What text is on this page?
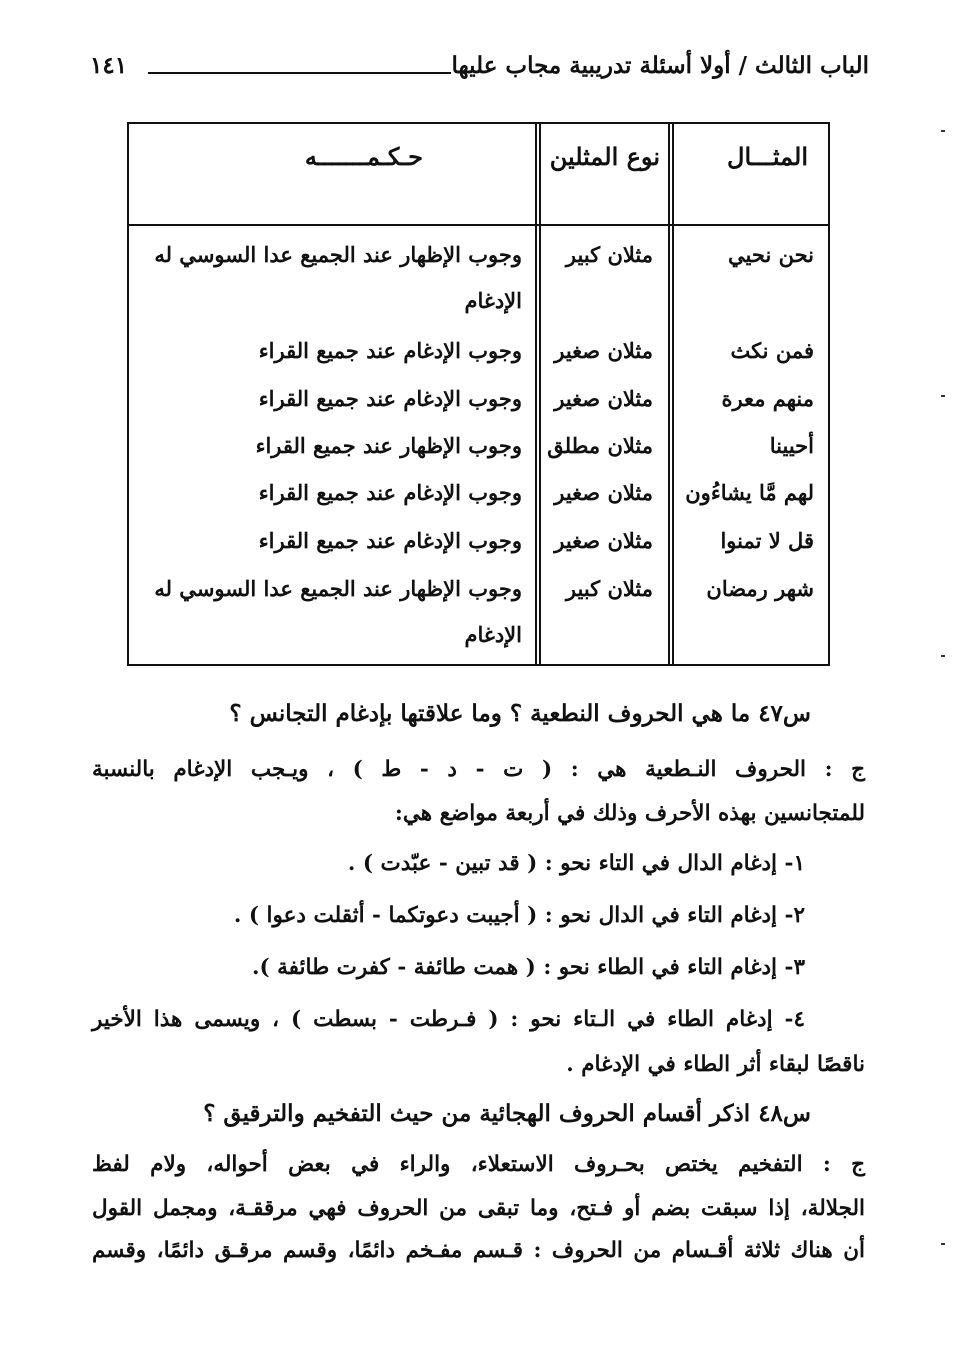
الباب الثالث / أولا أسئلة تدريبية مجاب عليها
١٤١
المثـــال
نوع المثلين
حـكـمـــــــه
نحن نحيي
مثلان كبير
وجوب الإظهار عند الجميع عدا السوسي له الإدغام
فمن نكث
مثلان صغير
وجوب الإدغام عند جميع القراء
منهم معرة
مثلان صغير
وجوب الإدغام عند جميع القراء
أحيينا
مثلان مطلق
وجوب الإظهار عند جميع القراء
لهم مَّا يشاءُون
مثلان صغير
وجوب الإدغام عند جميع القراء
قل لا تمنوا
مثلان صغير
وجوب الإدغام عند جميع القراء
شهر رمضان
مثلان كبير
وجوب الإظهار عند الجميع عدا السوسي له الإدغام
س٤٧ ما هي الحروف النطعية ؟ وما علاقتها بإدغام التجانس ؟
ج : الحروف النـطعية هي : ( ت - د - ط ) ، ويـجب الإدغام بالنسبة
للمتجانسين بهذه الأحرف وذلك في أربعة مواضع هي:
١- إدغام الدال في التاء نحو : ( قد تبين - عبّدت ) .
٢- إدغام التاء في الدال نحو : ( أجيبت دعوتكما - أثقلت دعوا ) .
٣- إدغام التاء في الطاء نحو : ( همت طائفة - كفرت طائفة ).
٤- إدغام الطاء في الـتاء نحو : ( فـرطت - بسطت ) ، ويسمى هذا الأخير
ناقصًا لبقاء أثر الطاء في الإدغام .
س٤٨ اذكر أقسام الحروف الهجائية من حيث التفخيم والترقيق ؟
ج : التفخيم يختص بحـروف الاستعلاء، والراء في بعض أحواله، ولام لفظ
الجلالة، إذا سبقت بضم أو فـتح، وما تبقى من الحروف فهي مرققـة، ومجمل القول
أن هناك ثلاثة أقـسام من الحروف : قـسم مفـخم دائمًا، وقسم مرقـق دائمًا، وقسم
